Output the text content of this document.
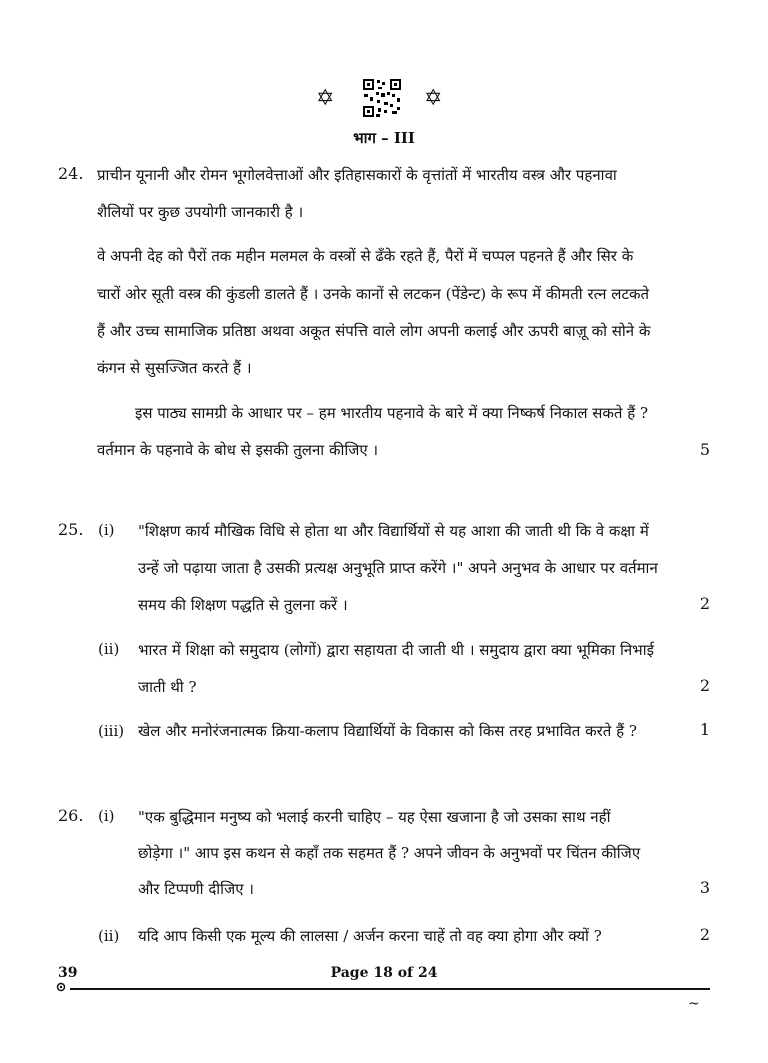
✡	✡
भाग – III
24. प्राचीन यूनानी और रोमन भूगोलवेत्ताओं और इतिहासकारों के वृत्तांतों में भारतीय वस्त्र और पहनावा
शैलियों पर कुछ उपयोगी जानकारी है ।
वे अपनी देह को पैरों तक महीन मलमल के वस्त्रों से ढँके रहते हैं, पैरों में चप्पल पहनते हैं और सिर के
चारों ओर सूती वस्त्र की कुंडली डालते हैं । उनके कानों से लटकन (पेंडेन्ट) के रूप में कीमती रत्न लटकते
हैं और उच्च सामाजिक प्रतिष्ठा अथवा अकूत संपत्ति वाले लोग अपनी कलाई और ऊपरी बाज़ू को सोने के
कंगन से सुसज्जित करते हैं ।
इस पाठ्य सामग्री के आधार पर – हम भारतीय पहनावे के बारे में क्या निष्कर्ष निकाल सकते हैं ?
वर्तमान के पहनावे के बोध से इसकी तुलना कीजिए ।	5
25. (i) "शिक्षण कार्य मौखिक विधि से होता था और विद्यार्थियों से यह आशा की जाती थी कि वे कक्षा में
उन्हें जो पढ़ाया जाता है उसकी प्रत्यक्ष अनुभूति प्राप्त करेंगे ।" अपने अनुभव के आधार पर वर्तमान
समय की शिक्षण पद्धति से तुलना करें ।	2
(ii) भारत में शिक्षा को समुदाय (लोगों) द्वारा सहायता दी जाती थी । समुदाय द्वारा क्या भूमिका निभाई
जाती थी ?	2
(iii) खेल और मनोरंजनात्मक क्रिया-कलाप विद्यार्थियों के विकास को किस तरह प्रभावित करते हैं ?	1
26. (i) "एक बुद्धिमान मनुष्य को भलाई करनी चाहिए – यह ऐसा खजाना है जो उसका साथ नहीं
छोड़ेगा ।" आप इस कथन से कहाँ तक सहमत हैं ? अपने जीवन के अनुभवों पर चिंतन कीजिए
और टिप्पणी दीजिए ।	3
(ii) यदि आप किसी एक मूल्य की लालसा / अर्जन करना चाहें तो वह क्या होगा और क्यों ?	2
39	Page 18 of 24
~
